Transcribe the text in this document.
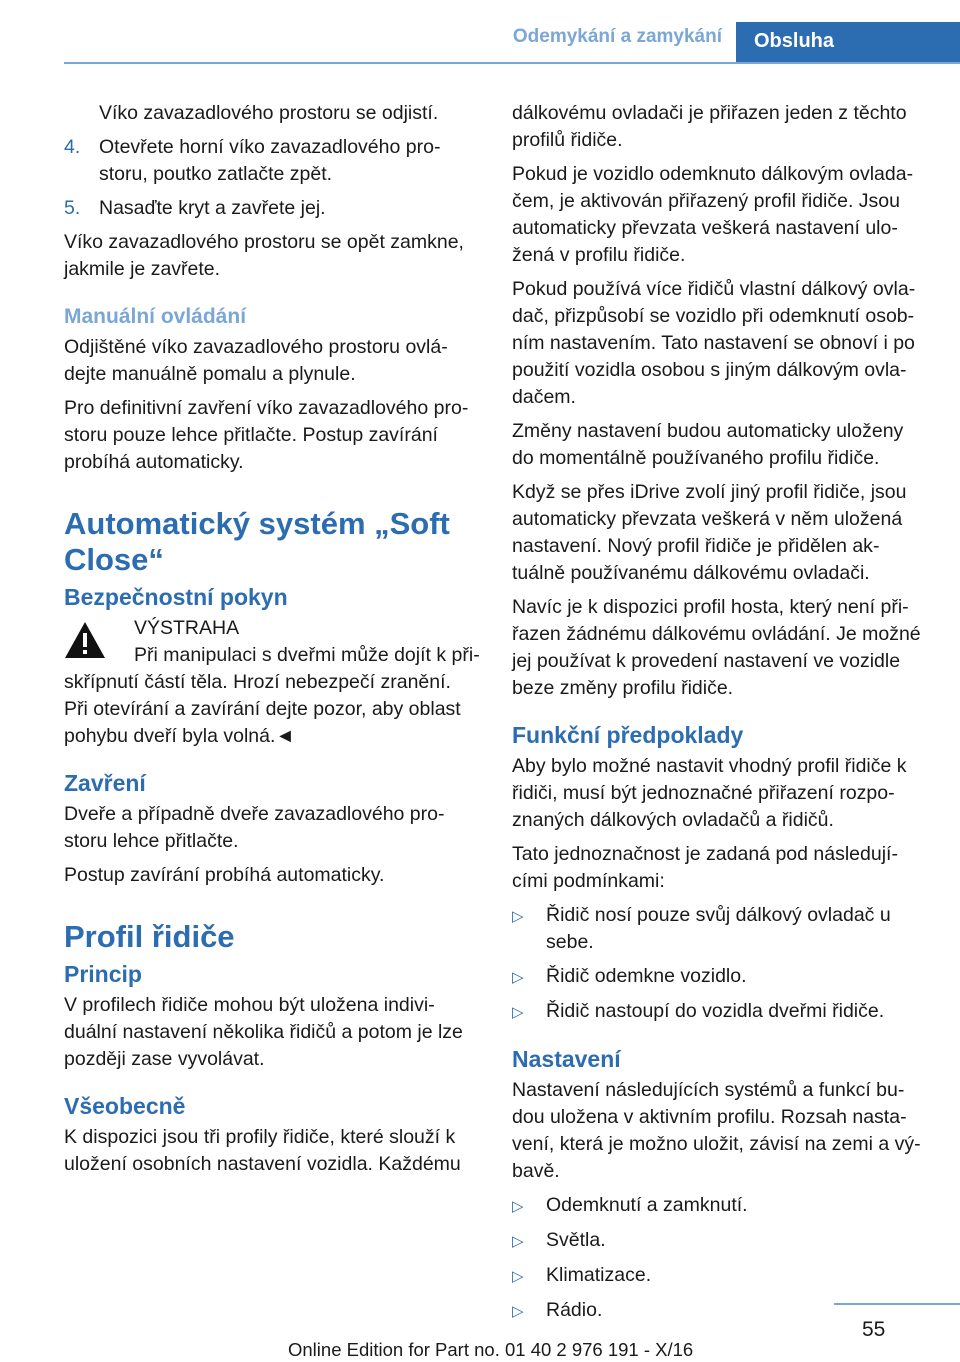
Odemykání a zamykání	Obsluha

Víko zavazadlového prostoru se odjistí.

4. Otevřete horní víko zavazadlového prostoru, poutko zatlačte zpět.
5. Nasaďte kryt a zavřete jej.

Víko zavazadlového prostoru se opět zamkne, jakmile je zavřete.

Manuální ovládání

Odjištěné víko zavazadlového prostoru ovládejte manuálně pomalu a plynule.

Pro definitivní zavření víko zavazadlového prostoru pouze lehce přitlačte. Postup zavírání probíhá automaticky.

Automatický systém „Soft Close“
Bezpečnostní pokyn

VÝSTRAHA

Při manipulaci s dveřmi může dojít k přiskřípnutí částí těla. Hrozí nebezpečí zranění. Při otevírání a zavírání dejte pozor, aby oblast pohybu dveří byla volná.◄

Zavření

Dveře a případně dveře zavazadlového prostoru lehce přitlačte.

Postup zavírání probíhá automaticky.

Profil řidiče
Princip

V profilech řidiče mohou být uložena individuální nastavení několika řidičů a potom je lze později zase vyvolávat.

Všeobecně

K dispozici jsou tři profily řidiče, které slouží k uložení osobních nastavení vozidla. Každému

dálkovému ovladači je přiřazen jeden z těchto profilů řidiče.

Pokud je vozidlo odemknuto dálkovým ovladačem, je aktivován přiřazený profil řidiče. Jsou automaticky převzata veškerá nastavení uložená v profilu řidiče.

Pokud používá více řidičů vlastní dálkový ovladač, přizpůsobí se vozidlo při odemknutí osobním nastavením. Tato nastavení se obnoví i po použití vozidla osobou s jiným dálkovým ovladačem.

Změny nastavení budou automaticky uloženy do momentálně používaného profilu řidiče.

Když se přes iDrive zvolí jiný profil řidiče, jsou automaticky převzata veškerá v něm uložená nastavení. Nový profil řidiče je přidělen aktuálně používanému dálkovému ovladači.

Navíc je k dispozici profil hosta, který není přiřazen žádnému dálkovému ovládání. Je možné jej používat k provedení nastavení ve vozidle beze změny profilu řidiče.

Funkční předpoklady

Aby bylo možné nastavit vhodný profil řidiče k řidiči, musí být jednoznačné přiřazení rozpoznaných dálkových ovladačů a řidičů.

Tato jednoznačnost je zadaná pod následujícími podmínkami:

▷	Řidič nosí pouze svůj dálkový ovladač u sebe.
▷	Řidič odemkne vozidlo.
▷	Řidič nastoupí do vozidla dveřmi řidiče.
Nastavení

Nastavení následujících systémů a funkcí budou uložena v aktivním profilu. Rozsah nastavení, která je možno uložit, závisí na zemi a výbavě.

▷	Odemknutí a zamknutí.
▷	Světla.
▷	Klimatizace.
▷	Rádio.
55
Online Edition for Part no. 01 40 2 976 191 - X/16
